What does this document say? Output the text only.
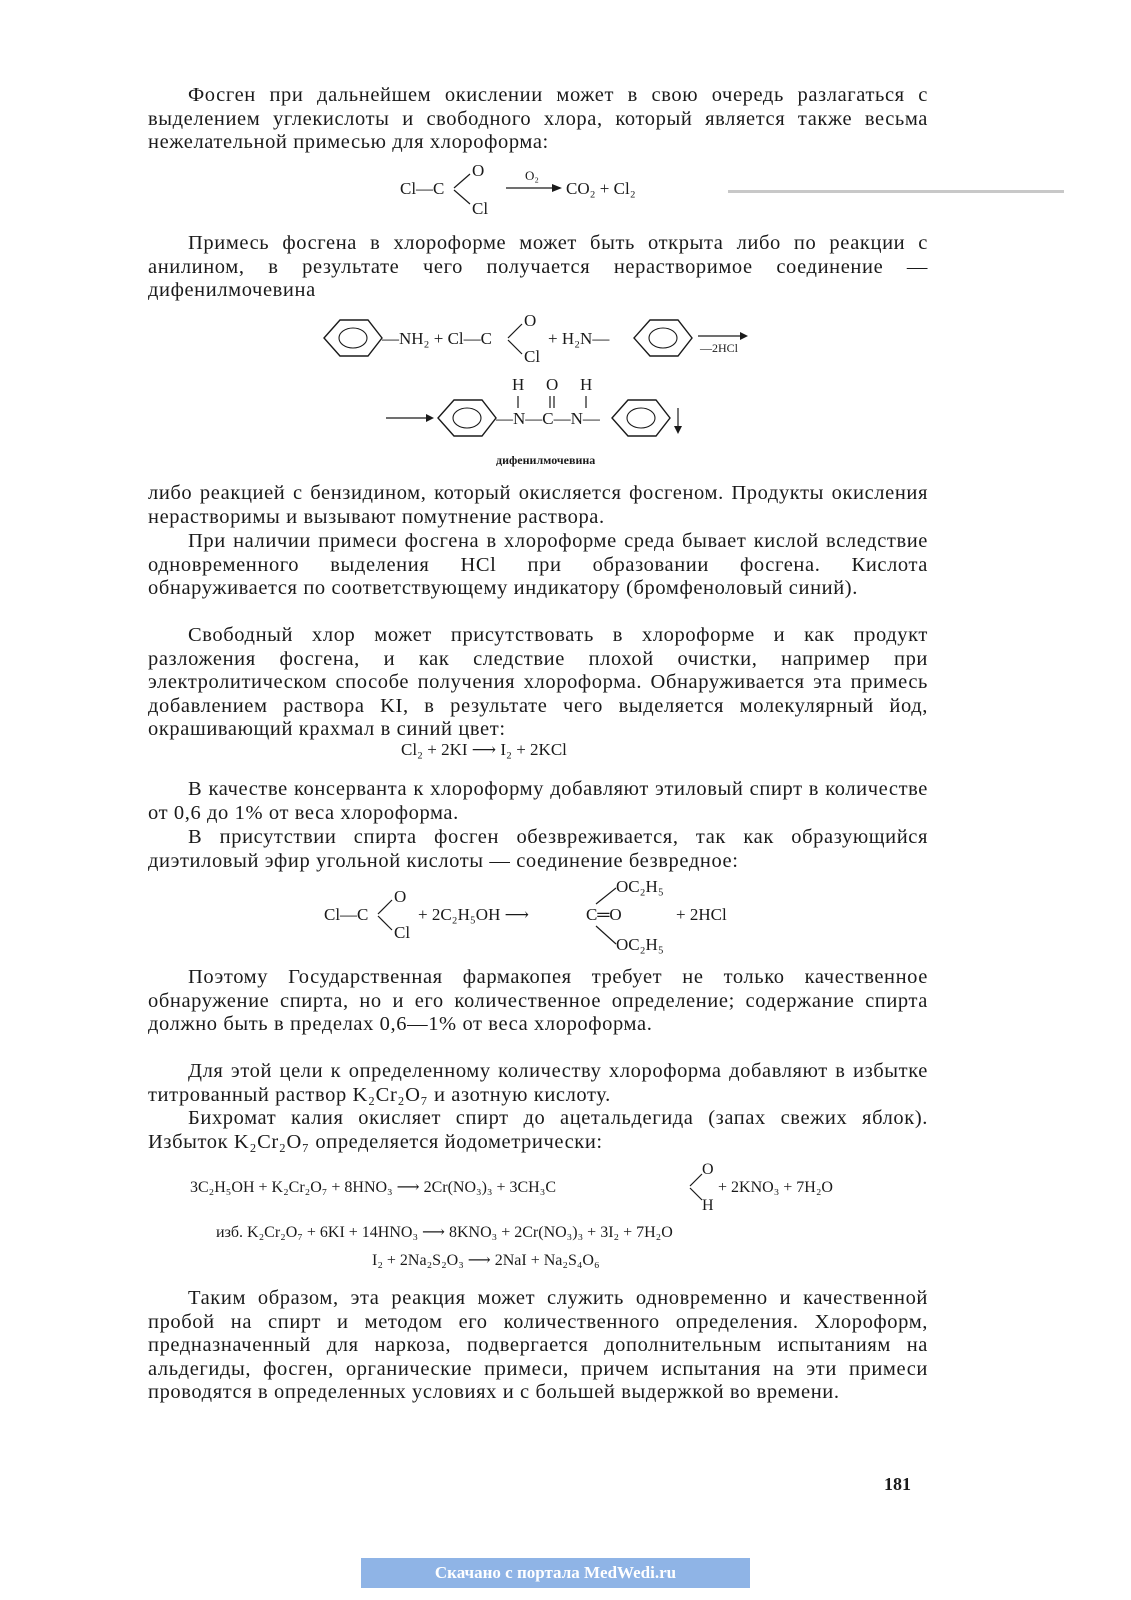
Фосген при дальнейшем окислении может в свою очередь разлагаться с выделением углекислоты и свободного хлора, который является также весьма нежелательной примесью для хлороформа:

Cl—C
O
Cl
O₂
CO₂ + Cl₂

Примесь фосгена в хлороформе может быть открыта либо по реакции с анилином, в результате чего получается нерастворимое соединение — дифенилмочевина

—NH₂ + Cl—C
O
Cl
+ H₂N—	—2HCl
H O H
—N—C—N—
дифенилмочевина

либо реакцией с бензидином, который окисляется фосгеном. Продукты окисления нерастворимы и вызывают помутнение раствора.

При наличии примеси фосгена в хлороформе среда бывает кислой вследствие одновременного выделения HCl при образовании фосгена. Кислота обнаруживается по соответствующему индикатору (бромфеноловый синий).

Свободный хлор может присутствовать в хлороформе и как продукт разложения фосгена, и как следствие плохой очистки, например при электролитическом способе получения хлороформа. Обнаруживается эта примесь добавлением раствора KI, в результате чего выделяется молекулярный йод, окрашивающий крахмал в синий цвет:

Cl₂ + 2KI ⟶ I₂ + 2KCl

В качестве консерванта к хлороформу добавляют этиловый спирт в количестве от 0,6 до 1% от веса хлороформа.

В присутствии спирта фосген обезвреживается, так как образующийся диэтиловый эфир угольной кислоты — соединение безвредное:

Cl—C
O
Cl
+ 2C₂H₅OH ⟶	C═O
OC₂H₅
OC₂H₅
+ 2HCl

Поэтому Государственная фармакопея требует не только качественное обнаружение спирта, но и его количественное определение; содержание спирта должно быть в пределах 0,6—1% от веса хлороформа.

Для этой цели к определенному количеству хлороформа добавляют в избытке титрованный раствор K₂Cr₂O₇ и азотную кислоту.

Бихромат калия окисляет спирт до ацетальдегида (запах свежих яблок). Избыток K₂Cr₂O₇ определяется йодометрически:

3C₂H₅OH + K₂Cr₂O₇ + 8HNO₃ ⟶ 2Cr(NO₃)₃ + 3CH₃C
O
H
+ 2KNO₃ + 7H₂O
изб. K₂Cr₂O₇ + 6KI + 14HNO₃ ⟶ 8KNO₃ + 2Cr(NO₃)₃ + 3I₂ + 7H₂O
I₂ + 2Na₂S₂O₃ ⟶ 2NaI + Na₂S₄O₆

Таким образом, эта реакция может служить одновременно и качественной пробой на спирт и методом его количественного определения. Хлороформ, предназначенный для наркоза, подвергается дополнительным испытаниям на альдегиды, фосген, органические примеси, причем испытания на эти примеси проводятся в определенных условиях и с большей выдержкой во времени.

181
Скачано с портала MedWedi.ru
